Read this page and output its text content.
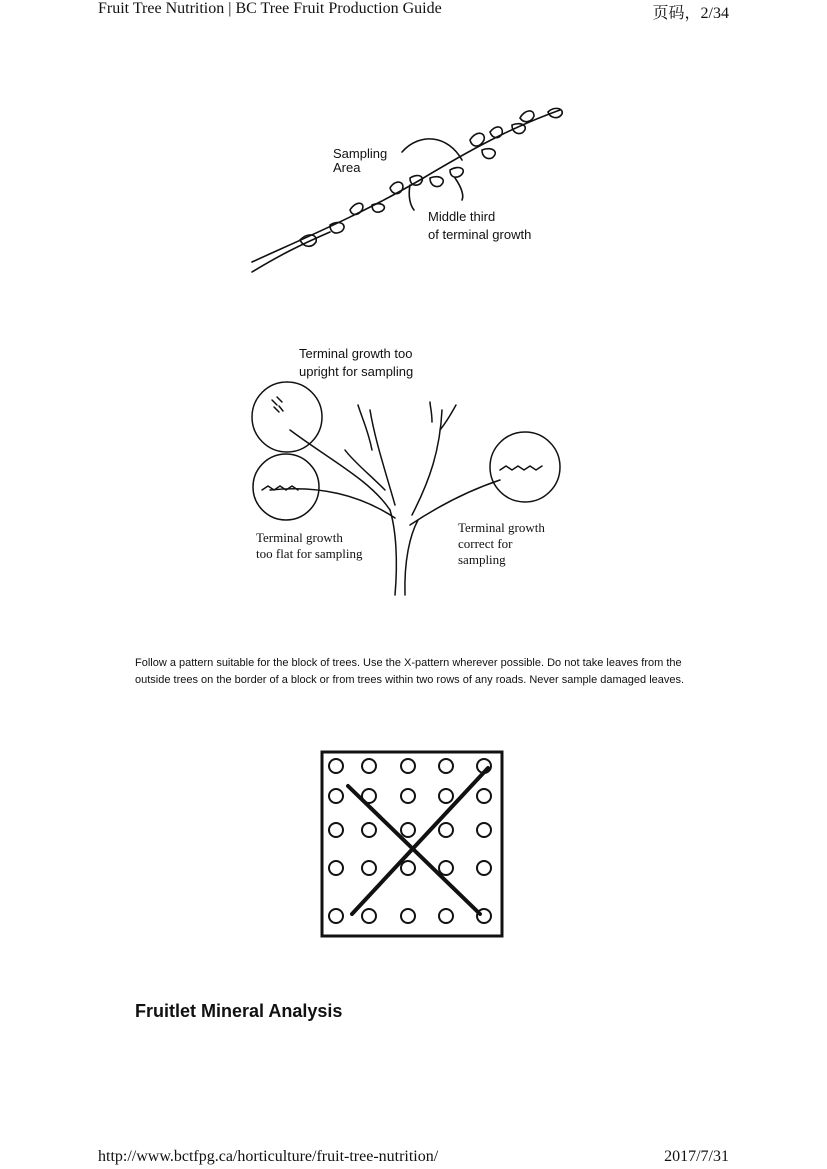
Fruit Tree Nutrition | BC Tree Fruit Production Guide	页码，2/34
Sampling
Area
Middle third
of terminal growth
Terminal growth too
upright for sampling
Terminal growth
too flat for sampling
Terminal growth
correct for
sampling
Follow a pattern suitable for the block of trees. Use the X-pattern wherever possible. Do not take leaves from the outside trees on the border of a block or from trees within two rows of any roads. Never sample damaged leaves.
Fruitlet Mineral Analysis
http://www.bctfpg.ca/horticulture/fruit-tree-nutrition/	2017/7/31
